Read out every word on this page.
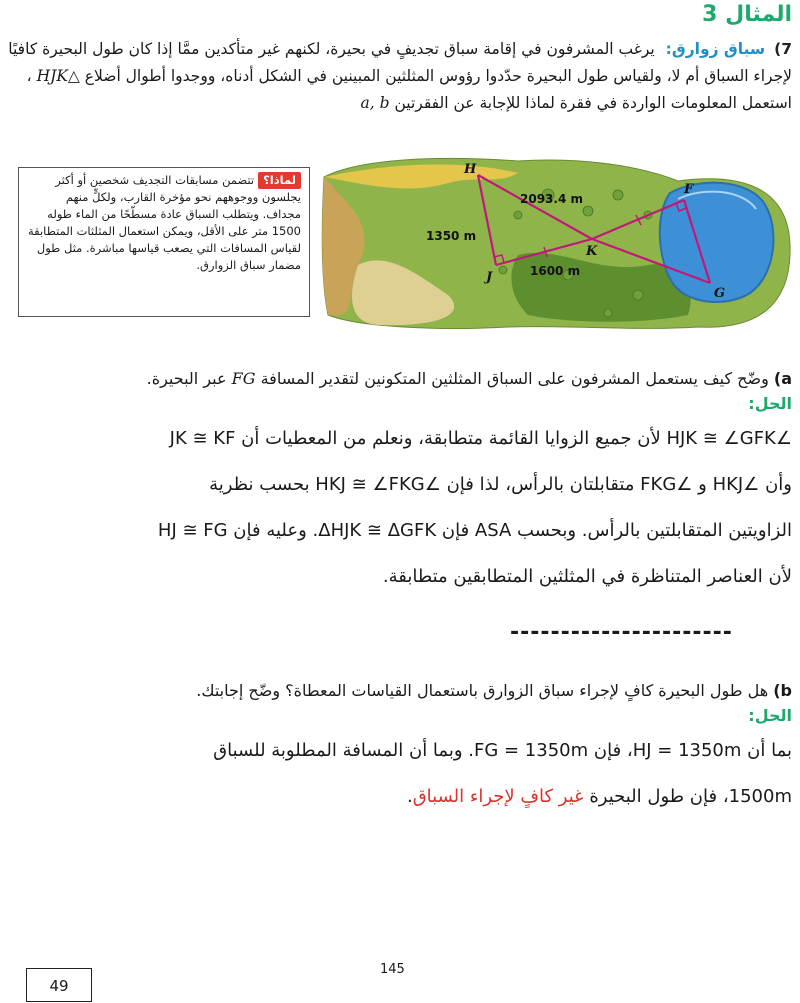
المثال 3
7) سباق زوارق: يرغب المشرفون في إقامة سباق تجديفٍ في بحيرة، لكنهم غير متأكدين ممَّا إذا كان طول البحيرة كافيًا لإجراء السباق أم لا، ولقياس طول البحيرة حدّدوا رؤوس المثلثين المبينين في الشكل أدناه، ووجدوا أطوال أضلاع △HJK ، استعمل المعلومات الواردة في فقرة لماذا للإجابة عن الفقرتين a, b
لماذا؟
تتضمن مسابقات التجديف شخصين أو أكثر يجلسون ووجوههم نحو مؤخرة القارب، ولكلٍّ منهم مجداف. ويتطلب السباق عادة مسطّحًا من الماء طوله 1500 متر على الأقل، ويمكن استعمال المثلثات المتطابقة لقياس المسافات التي يصعب قياسها مباشرة. مثل طول مضمار سباق الزوارق.
H
J
K
F
G
2093.4 m
1350 m
1600 m
a) وضّح كيف يستعمل المشرفون على السباق المثلثين المتكونين لتقدير المسافة FG عبر البحيرة.
الحل:
∠HJK ≅ ∠GFK لأن جميع الزوايا القائمة متطابقة، ونعلم من المعطيات أن JK ≅ KF
وأن ∠HKJ و ∠FKG متقابلتان بالرأس، لذا فإن ∠HKJ ≅ ∠FKG بحسب نظرية
الزاويتين المتقابلتين بالرأس. وبحسب ASA فإن ΔHJK ≅ ΔGFK. وعليه فإن HJ ≅ FG
لأن العناصر المتناظرة في المثلثين المتطابقين متطابقة.
----------------------
b) هل طول البحيرة كافٍ لإجراء سباق الزوارق باستعمال القياسات المعطاة؟ وضّح إجابتك.
الحل:
بما أن HJ = 1350m، فإن FG = 1350m. وبما أن المسافة المطلوبة للسباق
1500m، فإن طول البحيرة غير كافٍ لإجراء السباق.
145
49
